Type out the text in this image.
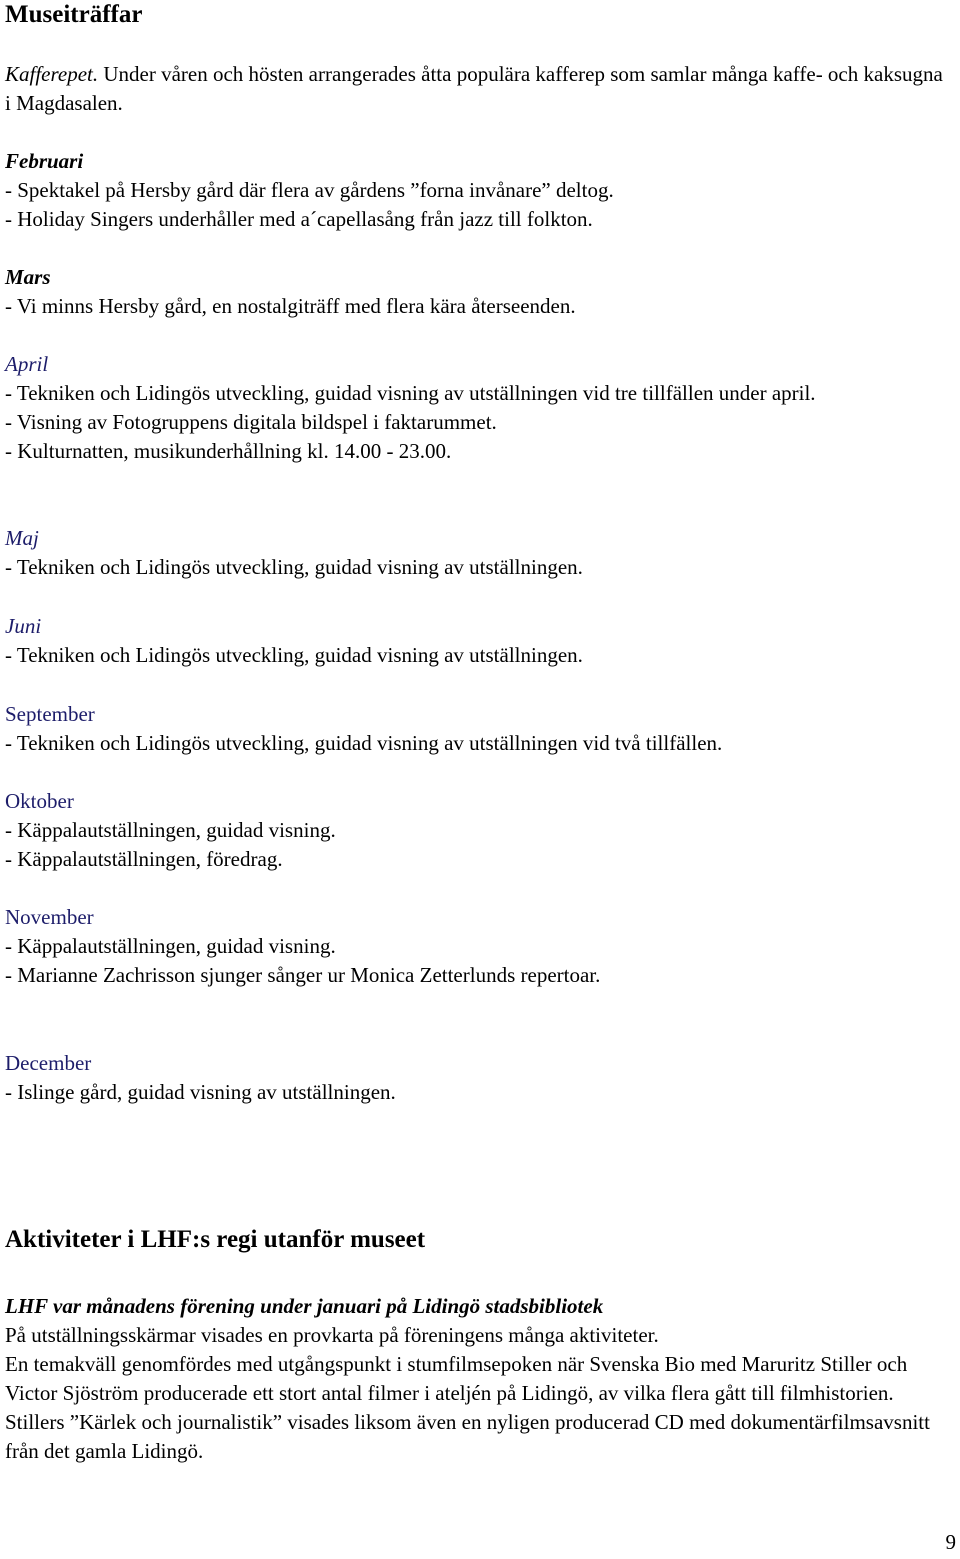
Museiträffar
Kafferepet. Under våren och hösten arrangerades åtta populära kafferep som samlar många kaffe- och kaksugna i Magdasalen.
Februari
- Spektakel på Hersby gård där flera av gårdens ”forna invånare” deltog.
- Holiday Singers underhåller med a´capellasång från jazz till folkton.
Mars
- Vi minns Hersby gård, en nostalgiträff med flera kära återseenden.
April
- Tekniken och Lidingös utveckling, guidad visning av utställningen vid tre tillfällen under april.
- Visning av Fotogruppens digitala bildspel i faktarummet.
- Kulturnatten, musikunderhållning kl. 14.00 - 23.00.
Maj
- Tekniken och Lidingös utveckling, guidad visning av utställningen.
Juni
- Tekniken och Lidingös utveckling, guidad visning av utställningen.
September
- Tekniken och Lidingös utveckling, guidad visning av utställningen vid två tillfällen.
Oktober
- Käppalautställningen, guidad visning.
- Käppalautställningen, föredrag.
November
- Käppalautställningen, guidad visning.
- Marianne Zachrisson sjunger sånger ur Monica Zetterlunds repertoar.
December
- Islinge gård, guidad visning av utställningen.
Aktiviteter i LHF:s regi utanför museet
LHF var månadens förening under januari på Lidingö stadsbibliotek
På utställningsskärmar visades en provkarta på föreningens många aktiviteter.
En temakväll genomfördes med utgångspunkt i stumfilmsepoken när Svenska Bio med Maruritz Stiller och Victor Sjöström producerade ett stort antal filmer i ateljén på Lidingö, av vilka flera gått till filmhistorien. Stillers ”Kärlek och journalistik” visades liksom även en nyligen producerad CD med dokumentärfilmsavsnitt från det gamla Lidingö.
9
